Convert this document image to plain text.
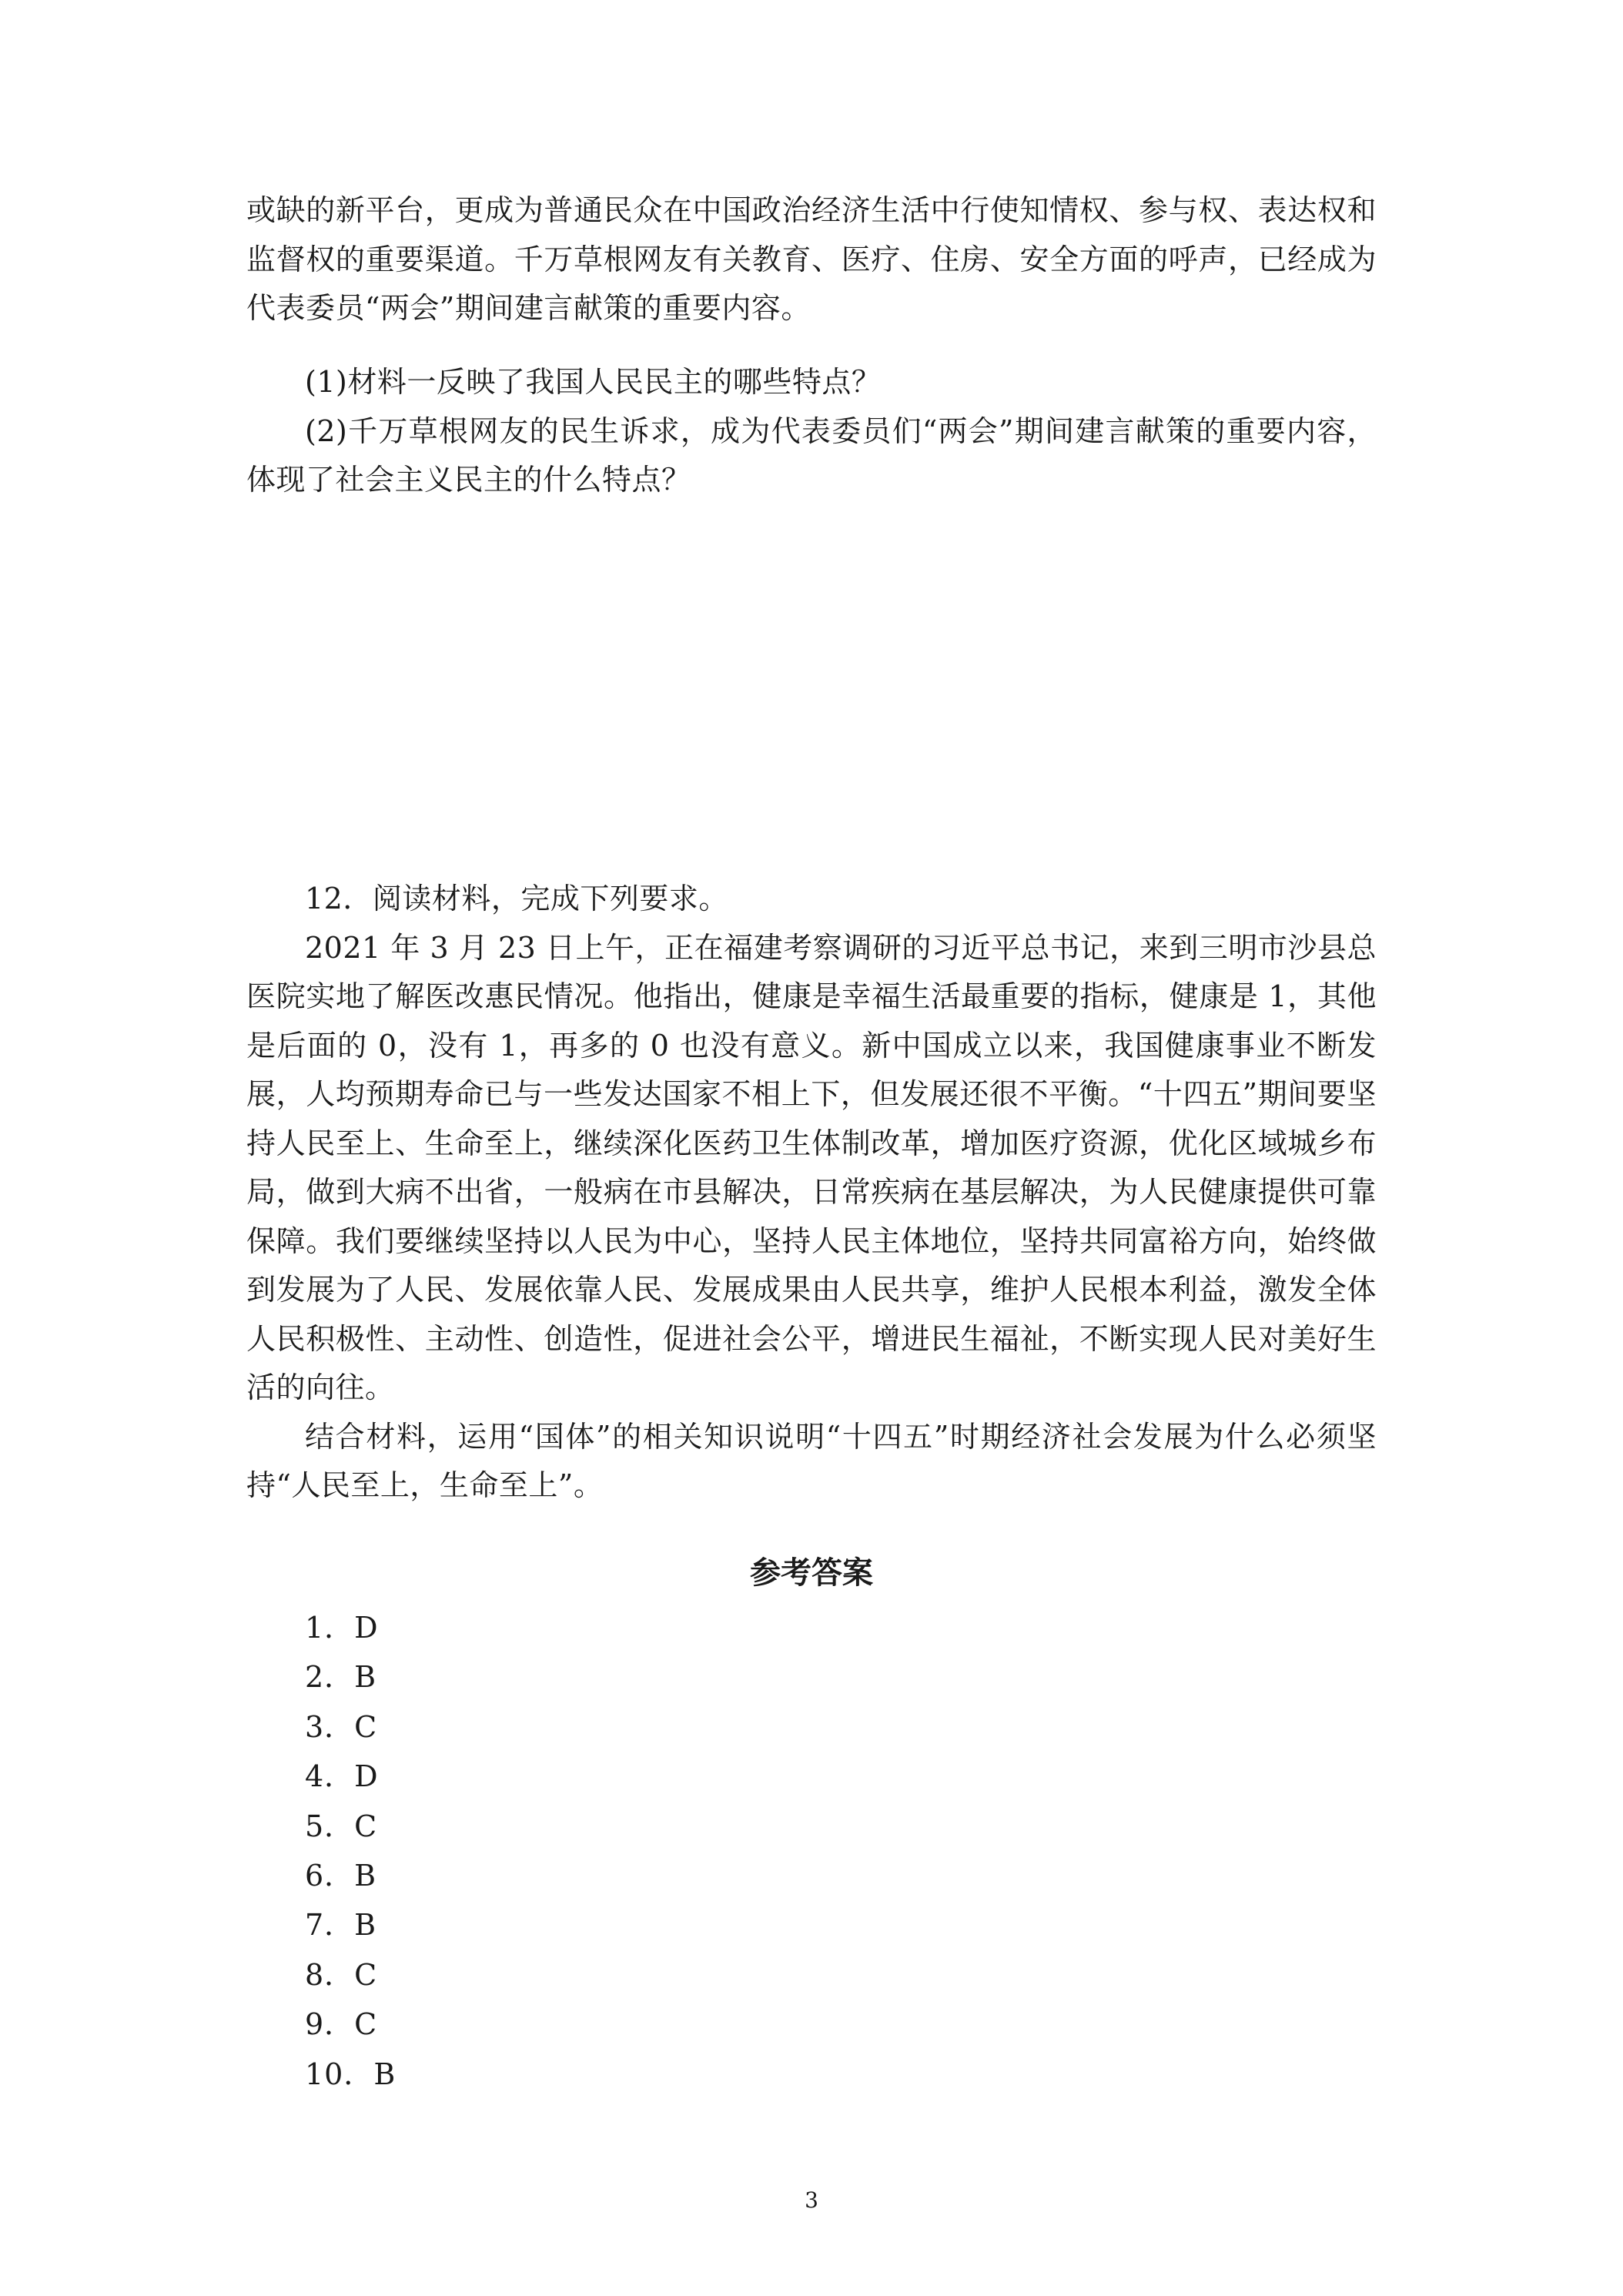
或缺的新平台，更成为普通民众在中国政治经济生活中行使知情权、参与权、表达权和监督权的重要渠道。千万草根网友有关教育、医疗、住房、安全方面的呼声，已经成为代表委员“两会”期间建言献策的重要内容。

(1)材料一反映了我国人民民主的哪些特点？

(2)千万草根网友的民生诉求，成为代表委员们“两会”期间建言献策的重要内容，体现了社会主义民主的什么特点？

12．阅读材料，完成下列要求。

2021 年 3 月 23 日上午，正在福建考察调研的习近平总书记，来到三明市沙县总医院实地了解医改惠民情况。他指出，健康是幸福生活最重要的指标，健康是 1，其他是后面的 0，没有 1，再多的 0 也没有意义。新中国成立以来，我国健康事业不断发展，人均预期寿命已与一些发达国家不相上下，但发展还很不平衡。“十四五”期间要坚持人民至上、生命至上，继续深化医药卫生体制改革，增加医疗资源，优化区域城乡布局，做到大病不出省，一般病在市县解决，日常疾病在基层解决，为人民健康提供可靠保障。我们要继续坚持以人民为中心，坚持人民主体地位，坚持共同富裕方向，始终做到发展为了人民、发展依靠人民、发展成果由人民共享，维护人民根本利益，激发全体人民积极性、主动性、创造性，促进社会公平，增进民生福祉，不断实现人民对美好生活的向往。

结合材料，运用“国体”的相关知识说明“十四五”时期经济社会发展为什么必须坚持“人民至上，生命至上”。

参考答案
1．D
2．B
3．C
4．D
5．C
6．B
7．B
8．C
9．C
10．B
3
